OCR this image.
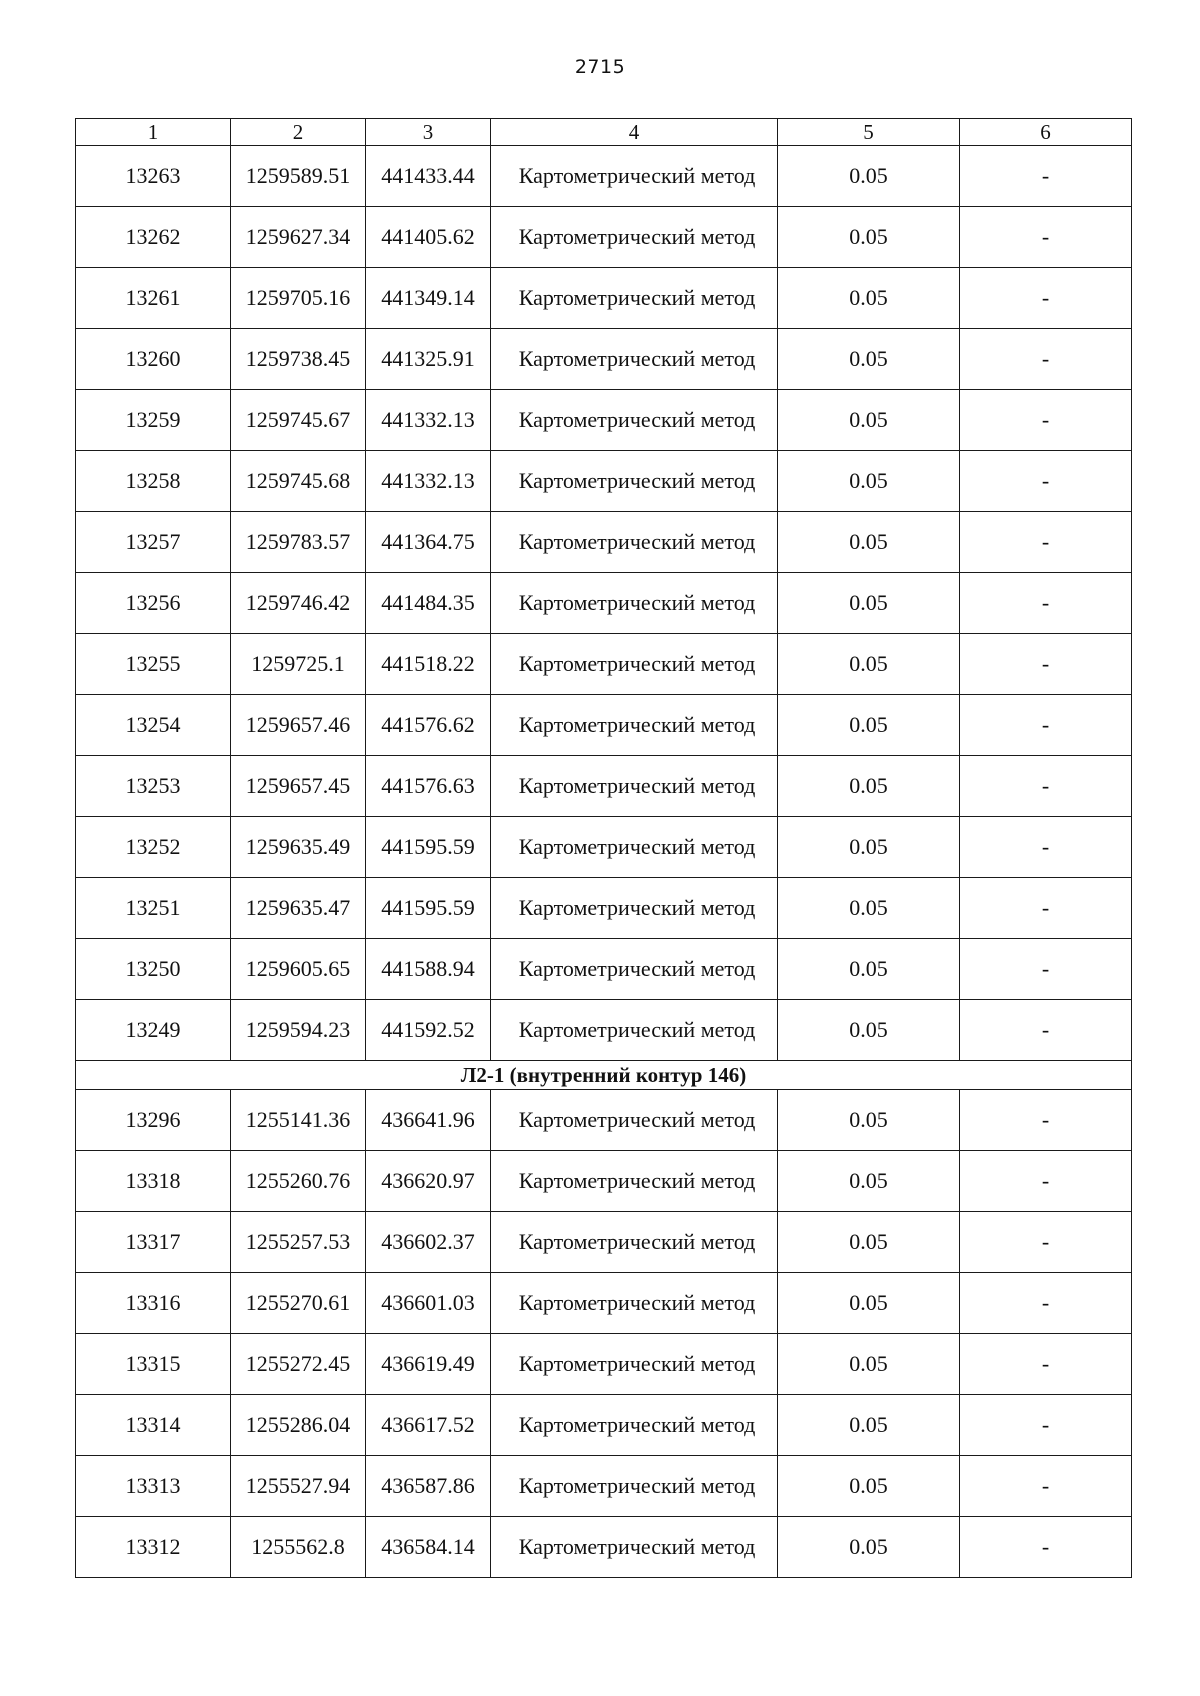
2715
1	2	3	4	5	6
13263	1259589.51	441433.44	Картометрический метод	0.05	-
13262	1259627.34	441405.62	Картометрический метод	0.05	-
13261	1259705.16	441349.14	Картометрический метод	0.05	-
13260	1259738.45	441325.91	Картометрический метод	0.05	-
13259	1259745.67	441332.13	Картометрический метод	0.05	-
13258	1259745.68	441332.13	Картометрический метод	0.05	-
13257	1259783.57	441364.75	Картометрический метод	0.05	-
13256	1259746.42	441484.35	Картометрический метод	0.05	-
13255	1259725.1	441518.22	Картометрический метод	0.05	-
13254	1259657.46	441576.62	Картометрический метод	0.05	-
13253	1259657.45	441576.63	Картометрический метод	0.05	-
13252	1259635.49	441595.59	Картометрический метод	0.05	-
13251	1259635.47	441595.59	Картометрический метод	0.05	-
13250	1259605.65	441588.94	Картометрический метод	0.05	-
13249	1259594.23	441592.52	Картометрический метод	0.05	-
Л2-1 (внутренний контур 146)					
13296	1255141.36	436641.96	Картометрический метод	0.05	-
13318	1255260.76	436620.97	Картометрический метод	0.05	-
13317	1255257.53	436602.37	Картометрический метод	0.05	-
13316	1255270.61	436601.03	Картометрический метод	0.05	-
13315	1255272.45	436619.49	Картометрический метод	0.05	-
13314	1255286.04	436617.52	Картометрический метод	0.05	-
13313	1255527.94	436587.86	Картометрический метод	0.05	-
13312	1255562.8	436584.14	Картометрический метод	0.05	-
